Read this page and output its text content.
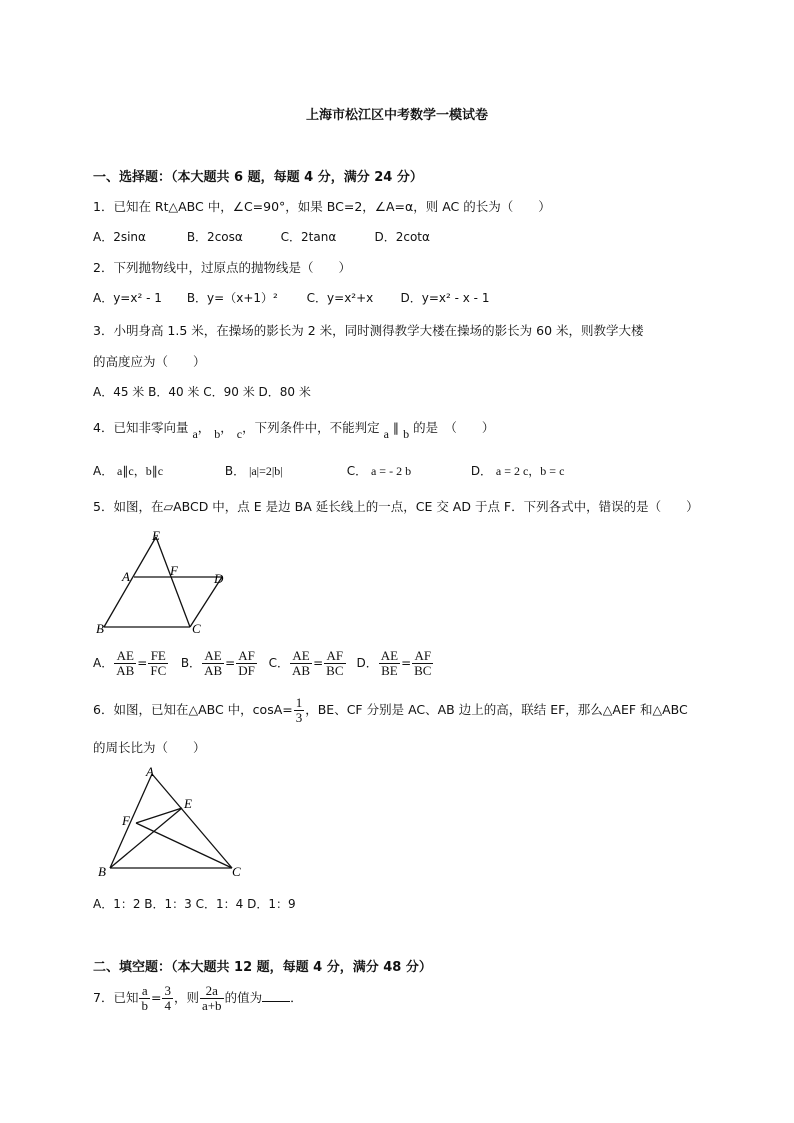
上海市松江区中考数学一模试卷
一、选择题：（本大题共 6 题，每题 4 分，满分 24 分）
1．已知在 Rt△ABC 中，∠C=90°，如果 BC=2，∠A=α，则 AC 的长为（　　）
A．2sinα	B．2cosα	C．2tanα	D．2cotα
2．下列抛物线中，过原点的抛物线是（　　）
A．y=x² - 1 B．y=（x+1）² C．y=x²+x D．y=x² - x - 1
3．小明身高 1.5 米，在操场的影长为 2 米，同时测得教学大楼在操场的影长为 60 米，则教学大楼
的高度应为（　　）
A．45 米 B．40 米 C．90 米 D．80 米
4．已知非零向量 a， b， c，下列条件中，不能判定 a ∥ b 的是　（　　）
A． a∥c，b∥c	B． |a|=2|b|	C． a = - 2 b	D． a = 2 c，b = c
5．如图，在▱ABCD 中，点 E 是边 BA 延长线上的一点，CE 交 AD 于点 F．下列各式中，错误的是（　　）
E
A	F
D
B	C
A． $\frac{AE}{AB} = \frac{FE}{FC}$ B． $\frac{AE}{AB} = \frac{AF}{DF}$ C． $\frac{AE}{AB} = \frac{AF}{BC}$ D． $\frac{AE}{BE} = \frac{AF}{BC}$
6．如图，已知在△ABC 中，$\cos A= \frac{1}{3}$ ，BE、CF 分别是 AC、AB 边上的高，联结 EF，那么△AEF 和△ABC
的周长比为（　　）
A
E
F
B	C
A．1：2 B．1：3 C．1：4 D．1：9
二、填空题：（本大题共 12 题，每题 4 分，满分 48 分）
7．已知 $\frac{a}{b} = \frac{3}{4}$ ，则 $\frac{2a}{a+b}$ 的值为 ．
